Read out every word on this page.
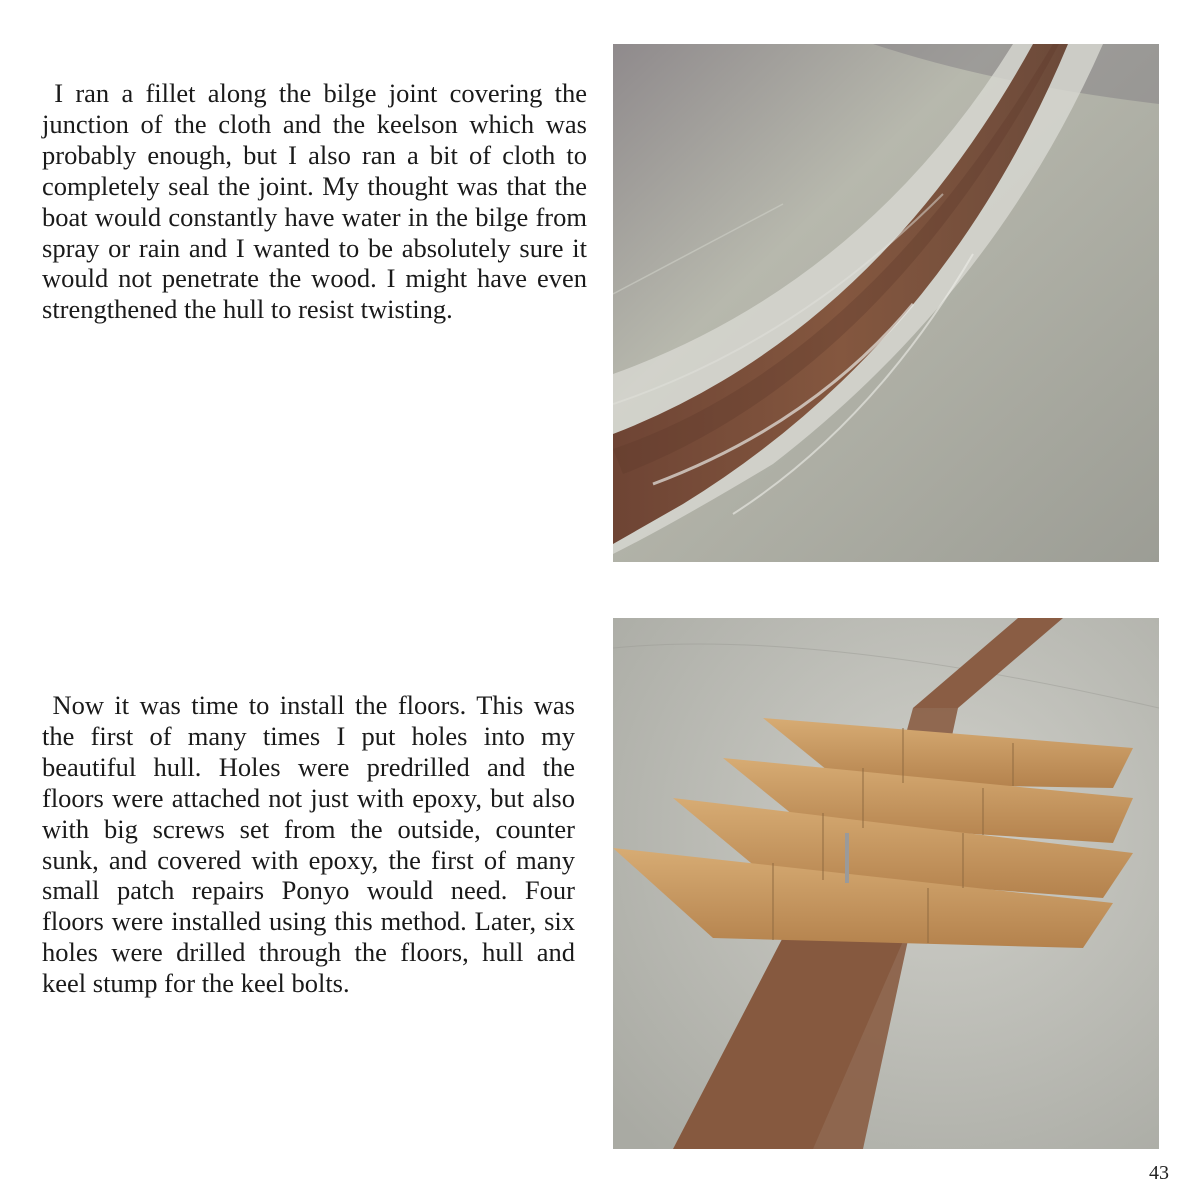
I ran a fillet along the bilge joint covering the junction of the cloth and the keelson which was probably enough, but I also ran a bit of cloth to completely seal the joint. My thought was that the boat would constantly have water in the bilge from spray or rain and I wanted to be absolutely sure it would not penetrate the wood. I might have even strengthened the hull to resist twisting.

Now it was time to install the floors. This was the first of many times I put holes into my beautiful hull. Holes were predrilled and the floors were attached not just with epoxy, but also with big screws set from the outside, counter sunk, and covered with epoxy, the first of many small patch repairs Ponyo would need. Four floors were installed using this method. Later, six holes were drilled through the floors, hull and keel stump for the keel bolts.

43
